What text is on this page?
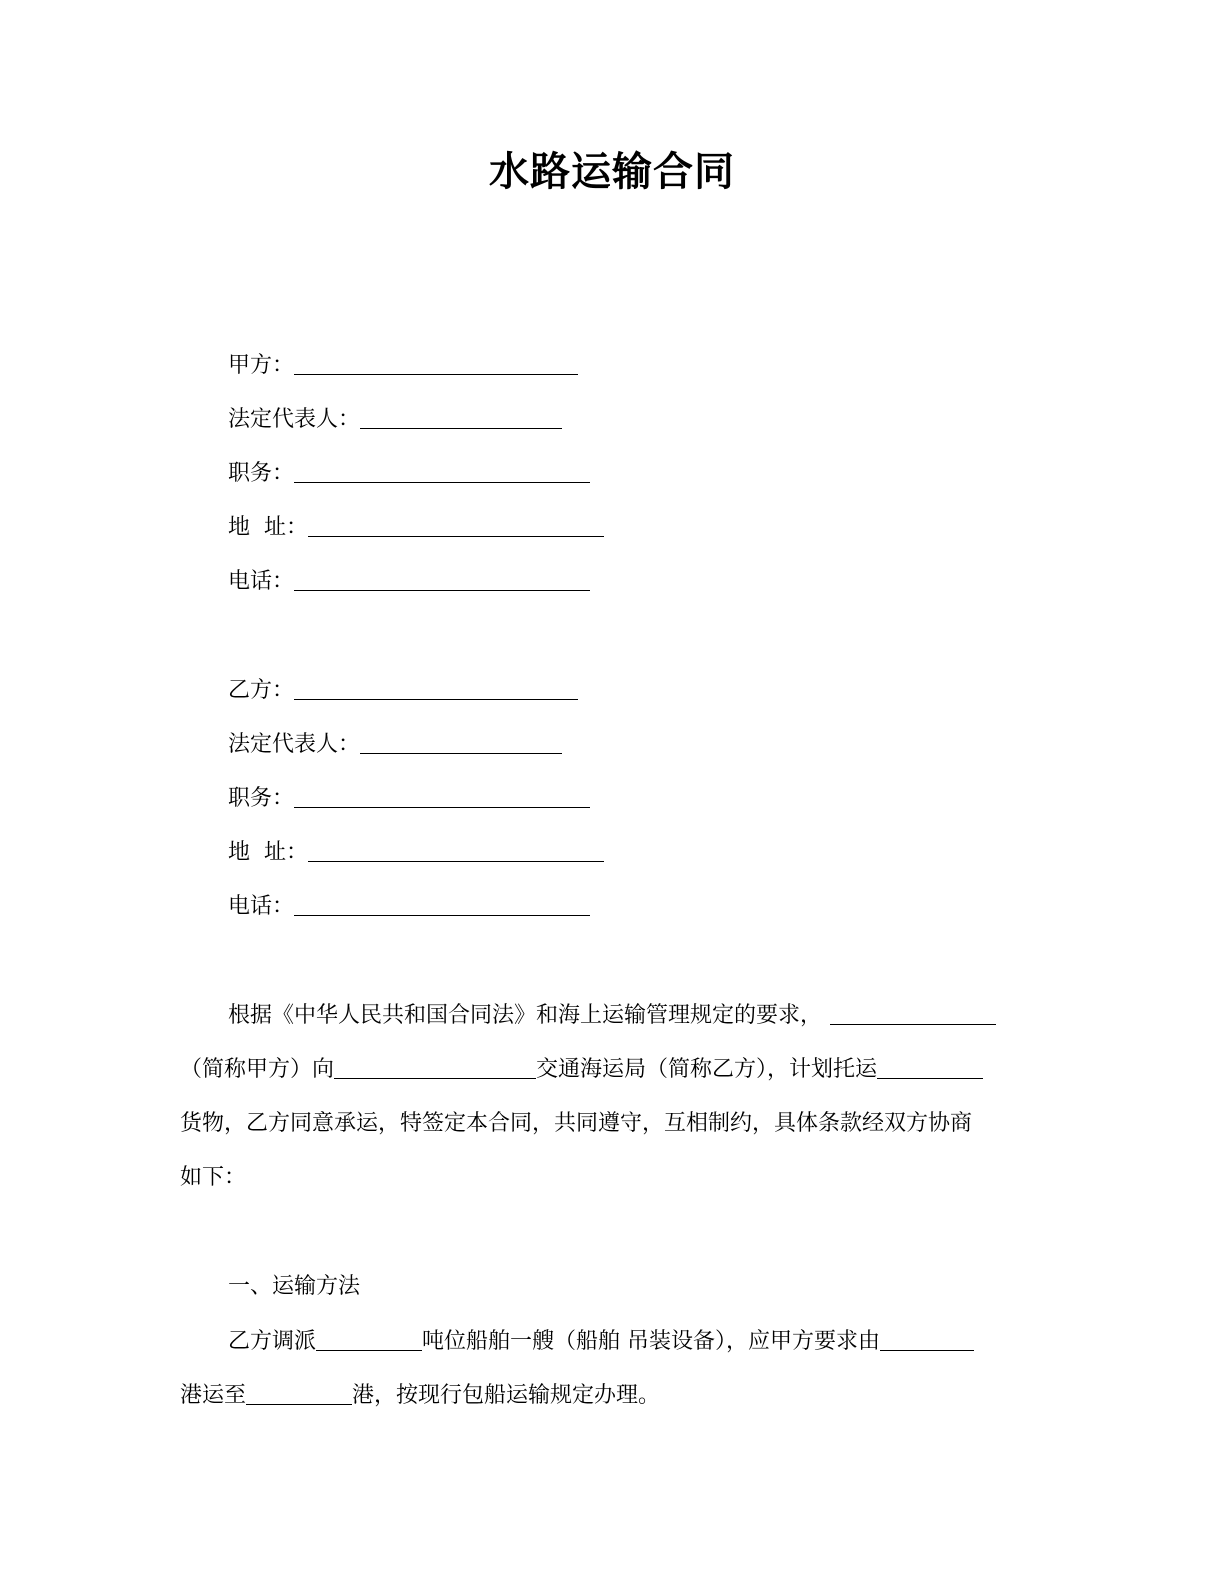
水路运输合同
甲方：
法定代表人：
职务：
地  址：
电话：
乙方：
法定代表人：
职务：
地  址：
电话：
根据《中华人民共和国合同法》和海上运输管理规定的要求，
（简称甲方）向	交通海运局（简称乙方），计划托运
货物，乙方同意承运，特签定本合同，共同遵守，互相制约，具体条款经双方协商
如下：
一、运输方法
乙方调派	吨位船舶一艘（船舶 吊装设备），应甲方要求由
港运至	港，按现行包船运输规定办理。
